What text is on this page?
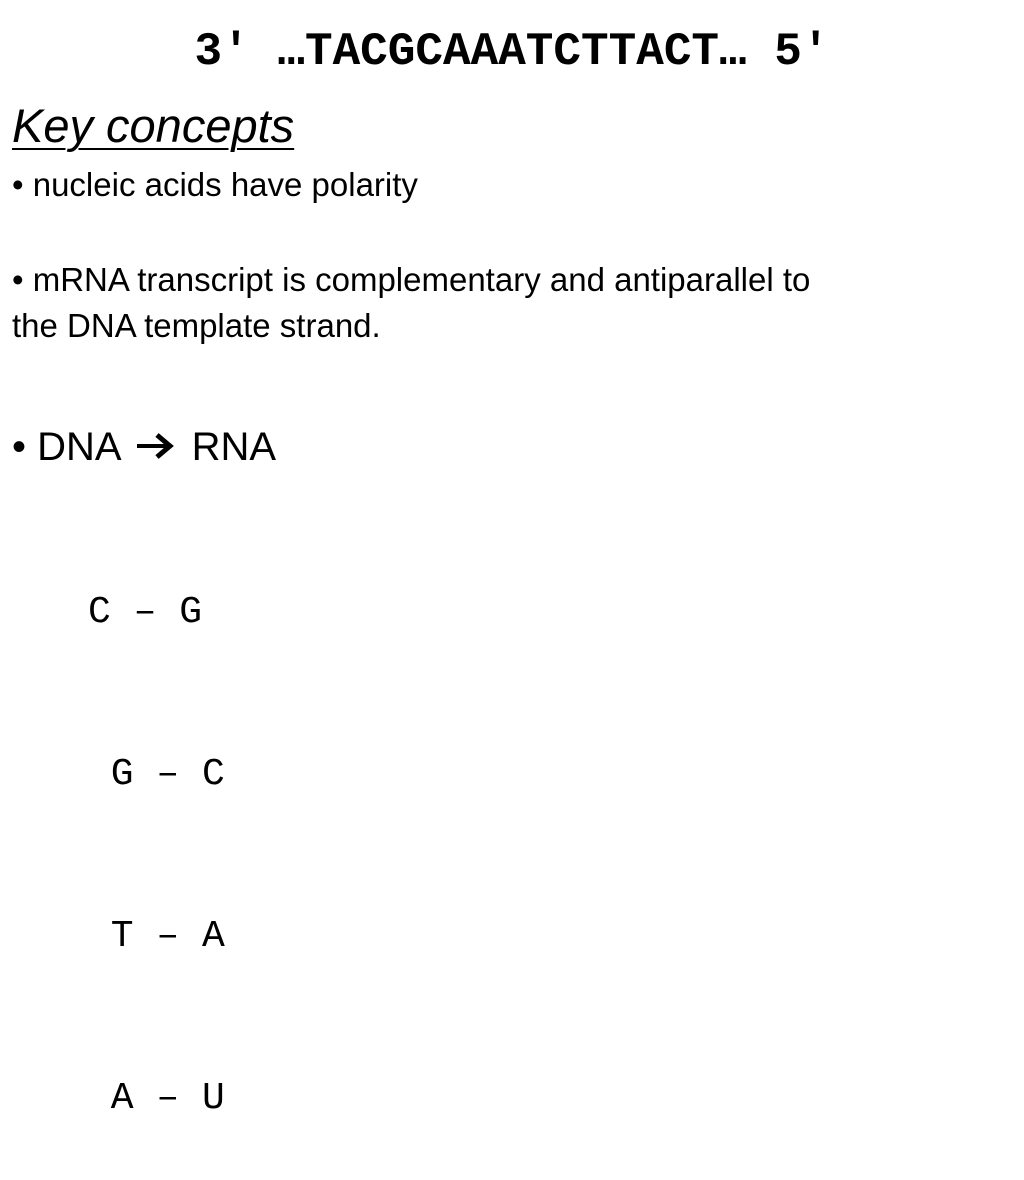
3′ …TACGCAAATCTTACT… 5′
Key concepts
• nucleic acids have polarity
• mRNA transcript is complementary and antiparallel to
the DNA template strand.
• DNA RNA

C – G

G – C

T – A

A – U
